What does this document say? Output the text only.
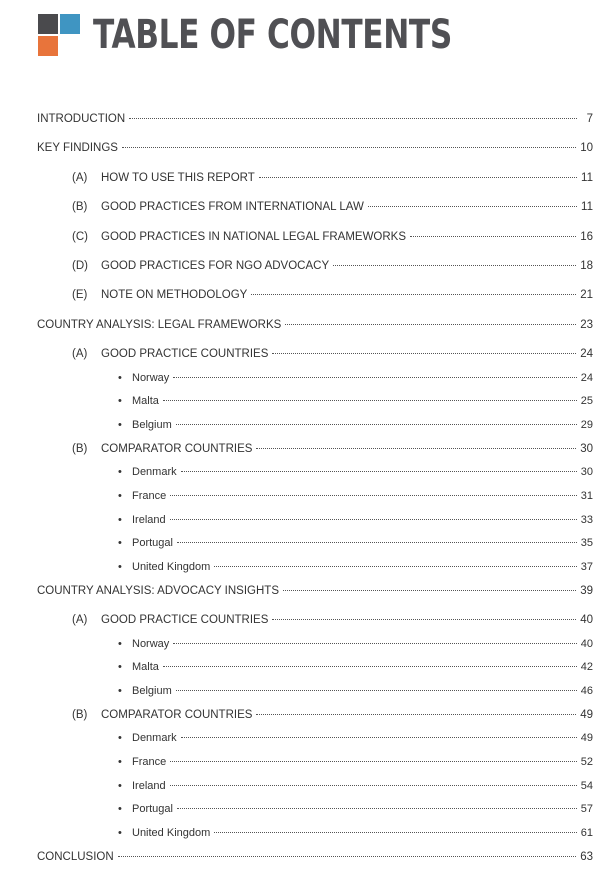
TABLE OF CONTENTS
INTRODUCTION	7
KEY FINDINGS	10
(A) HOW TO USE THIS REPORT	11
(B) GOOD PRACTICES FROM INTERNATIONAL LAW	11
(C) GOOD PRACTICES IN NATIONAL LEGAL FRAMEWORKS	16
(D) GOOD PRACTICES FOR NGO ADVOCACY	18
(E) NOTE ON METHODOLOGY	21
COUNTRY ANALYSIS: LEGAL FRAMEWORKS	23
(A) GOOD PRACTICE COUNTRIES	24
• Norway	24
• Malta	25
• Belgium	29
(B) COMPARATOR COUNTRIES	30
• Denmark	30
• France	31
• Ireland	33
• Portugal	35
• United Kingdom	37
COUNTRY ANALYSIS: ADVOCACY INSIGHTS	39
(A) GOOD PRACTICE COUNTRIES	40
• Norway	40
• Malta	42
• Belgium	46
(B) COMPARATOR COUNTRIES	49
• Denmark	49
• France	52
• Ireland	54
• Portugal	57
• United Kingdom	61
CONCLUSION	63
